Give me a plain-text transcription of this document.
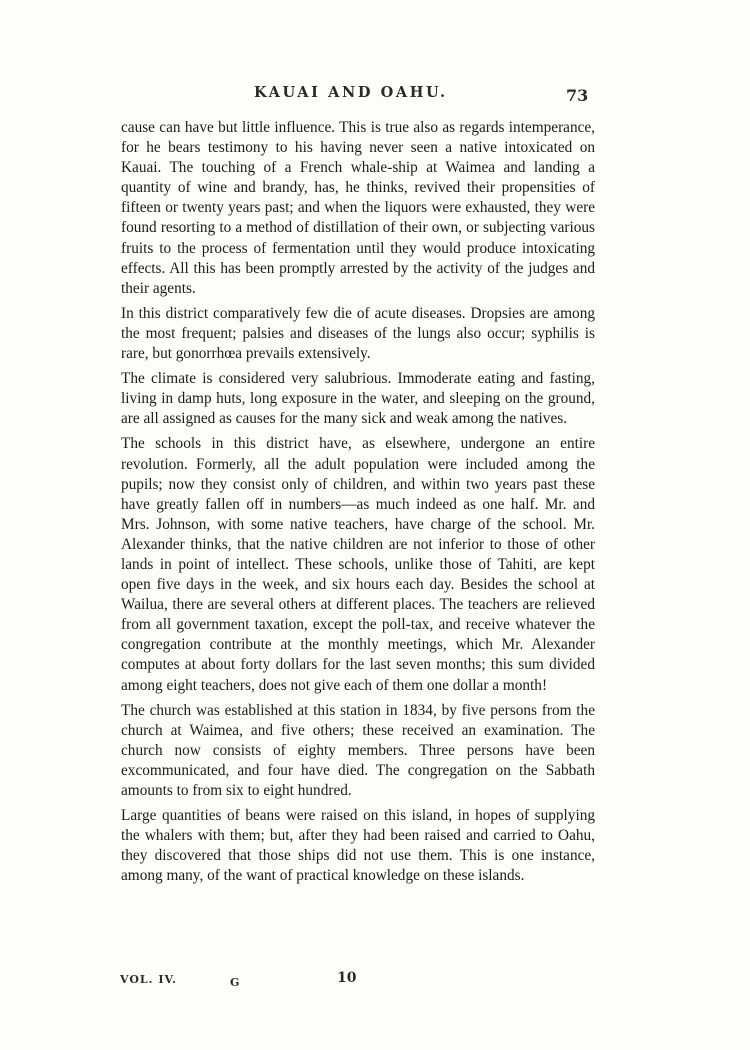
KAUAI AND OAHU.	73

cause can have but little influence. This is true also as regards intemperance, for he bears testimony to his having never seen a native intoxicated on Kauai. The touching of a French whale-ship at Waimea and landing a quantity of wine and brandy, has, he thinks, revived their propensities of fifteen or twenty years past; and when the liquors were exhausted, they were found resorting to a method of distillation of their own, or subjecting various fruits to the process of fermentation until they would produce intoxicating effects. All this has been promptly arrested by the activity of the judges and their agents.

In this district comparatively few die of acute diseases. Dropsies are among the most frequent; palsies and diseases of the lungs also occur; syphilis is rare, but gonorrhœa prevails extensively.

The climate is considered very salubrious. Immoderate eating and fasting, living in damp huts, long exposure in the water, and sleeping on the ground, are all assigned as causes for the many sick and weak among the natives.

The schools in this district have, as elsewhere, undergone an entire revolution. Formerly, all the adult population were included among the pupils; now they consist only of children, and within two years past these have greatly fallen off in numbers—as much indeed as one half. Mr. and Mrs. Johnson, with some native teachers, have charge of the school. Mr. Alexander thinks, that the native children are not inferior to those of other lands in point of intellect. These schools, unlike those of Tahiti, are kept open five days in the week, and six hours each day. Besides the school at Wailua, there are several others at different places. The teachers are relieved from all government taxation, except the poll-tax, and receive whatever the congregation contribute at the monthly meetings, which Mr. Alexander computes at about forty dollars for the last seven months; this sum divided among eight teachers, does not give each of them one dollar a month!

The church was established at this station in 1834, by five persons from the church at Waimea, and five others; these received an examination. The church now consists of eighty members. Three persons have been excommunicated, and four have died. The congregation on the Sabbath amounts to from six to eight hundred.

Large quantities of beans were raised on this island, in hopes of supplying the whalers with them; but, after they had been raised and carried to Oahu, they discovered that those ships did not use them. This is one instance, among many, of the want of practical knowledge on these islands.

VOL. IV.	G	10
